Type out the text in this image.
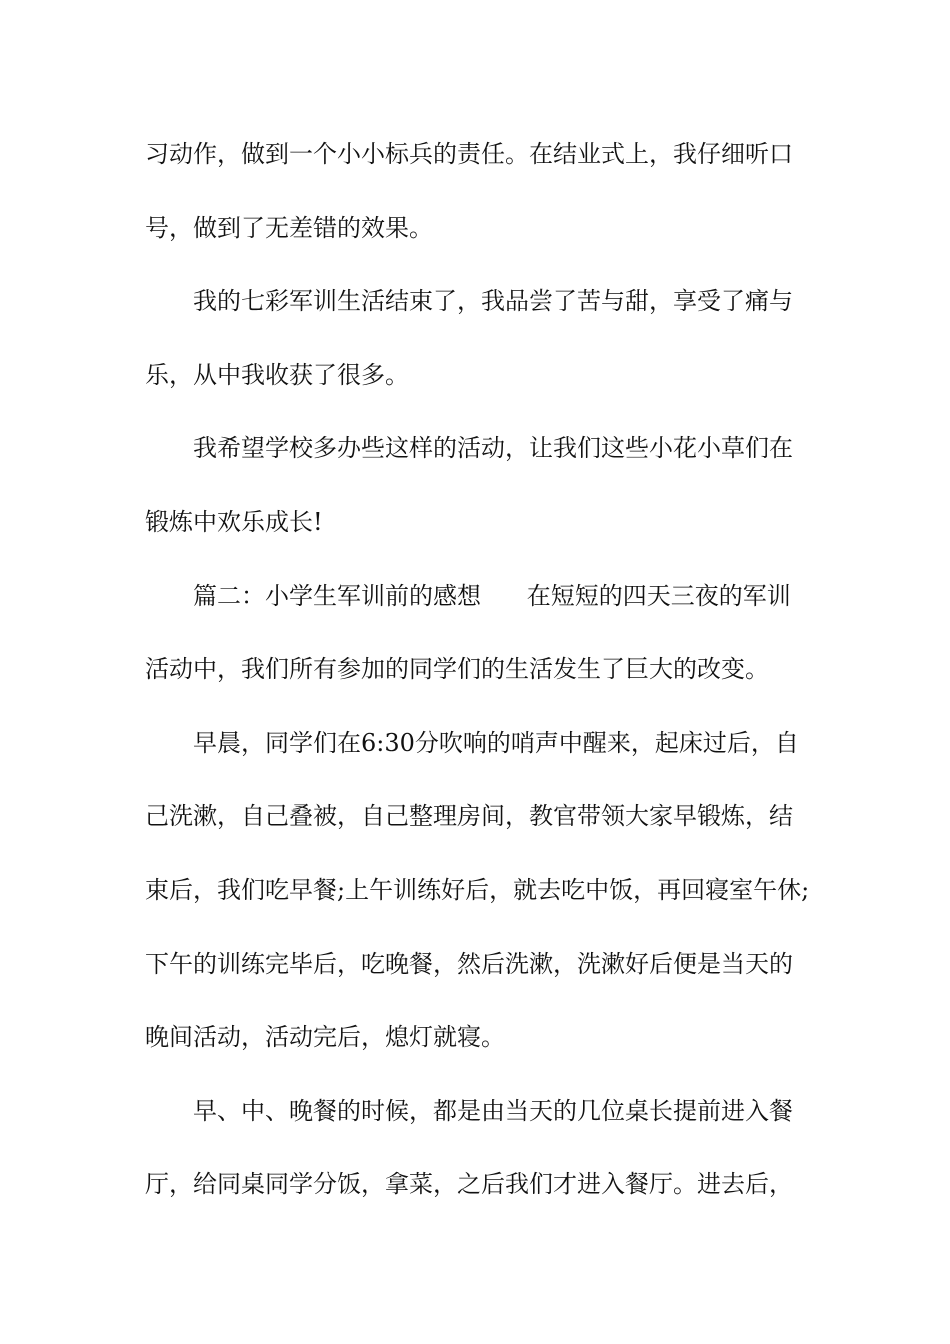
习动作，做到一个小小标兵的责任。在结业式上，我仔细听口
号，做到了无差错的效果。
我的七彩军训生活结束了，我品尝了苦与甜，享受了痛与
乐，从中我收获了很多。
我希望学校多办些这样的活动，让我们这些小花小草们在
锻炼中欢乐成长!
篇二：小学生军训前的感想      在短短的四天三夜的军训
活动中，我们所有参加的同学们的生活发生了巨大的改变。
早晨，同学们在6:30分吹响的哨声中醒来，起床过后，自
己洗漱，自己叠被，自己整理房间，教官带领大家早锻炼，结
束后，我们吃早餐;上午训练好后，就去吃中饭，再回寝室午休;
下午的训练完毕后，吃晚餐，然后洗漱，洗漱好后便是当天的
晚间活动，活动完后，熄灯就寝。
早、中、晚餐的时候，都是由当天的几位桌长提前进入餐
厅，给同桌同学分饭，拿菜，之后我们才进入餐厅。进去后，
